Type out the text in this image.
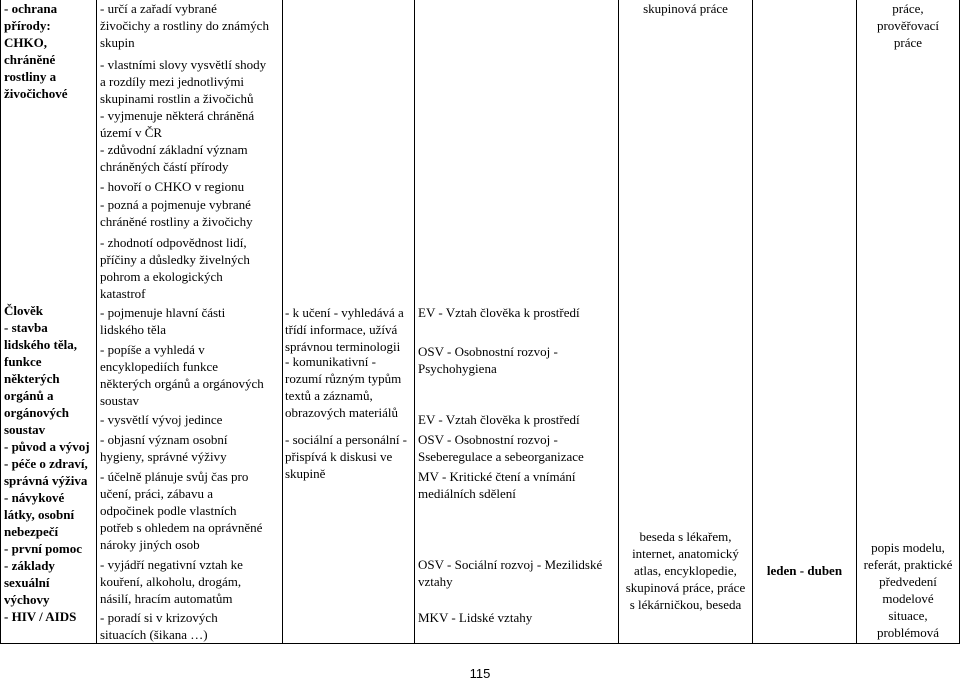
- ochrana
přírody:
CHKO,
chráněné
rostliny a
živočichové
Člověk
- stavba
lidského těla,
funkce
některých
orgánů a
orgánových
soustav
- původ a vývoj
- péče o zdraví,
správná výživa
- návykové
látky, osobní
nebezpečí
- první pomoc
- základy
sexuální
výchovy
- HIV / AIDS
- určí a zařadí vybrané
živočichy a rostliny do známých
skupin
- vlastními slovy vysvětlí shody
a rozdíly mezi jednotlivými
skupinami rostlin a živočichů
- vyjmenuje některá chráněná
území v ČR
- zdůvodní základní význam
chráněných částí přírody
- hovoří o CHKO v regionu
- pozná a pojmenuje vybrané
chráněné rostliny a živočichy
- zhodnotí odpovědnost lidí,
příčiny a důsledky živelných
pohrom a ekologických
katastrof
- pojmenuje hlavní části
lidského těla
- popíše a vyhledá v
encyklopediích funkce
některých orgánů a orgánových
soustav
- vysvětlí vývoj jedince
- objasní význam osobní
hygieny, správné výživy
- účelně plánuje svůj čas pro
učení, práci, zábavu a
odpočinek podle vlastních
potřeb s ohledem na oprávněné
nároky jiných osob
- vyjádří negativní vztah ke
kouření, alkoholu, drogám,
násilí, hracím automatům
- poradí si v krizových
situacích (šikana …)
- k učení - vyhledává a
třídí informace, užívá
správnou terminologii
- komunikativní -
rozumí různým typům
textů a záznamů,
obrazových materiálů
- sociální a personální -
přispívá k diskusi ve
skupině
EV - Vztah člověka k prostředí
OSV - Osobnostní rozvoj -
Psychohygiena
EV - Vztah člověka k prostředí
OSV - Osobnostní rozvoj -
Sseberegulace a sebeorganizace
MV - Kritické čtení a vnímání
mediálních sdělení
OSV - Sociální rozvoj - Mezilidské
vztahy
MKV - Lidské vztahy
skupinová práce
beseda s lékařem,
internet, anatomický
atlas, encyklopedie,
skupinová práce, práce
s lékárničkou, beseda
leden - duben
práce,
prověřovací
práce
popis modelu,
referát, praktické
předvedení
modelové
situace,
problémová
115
